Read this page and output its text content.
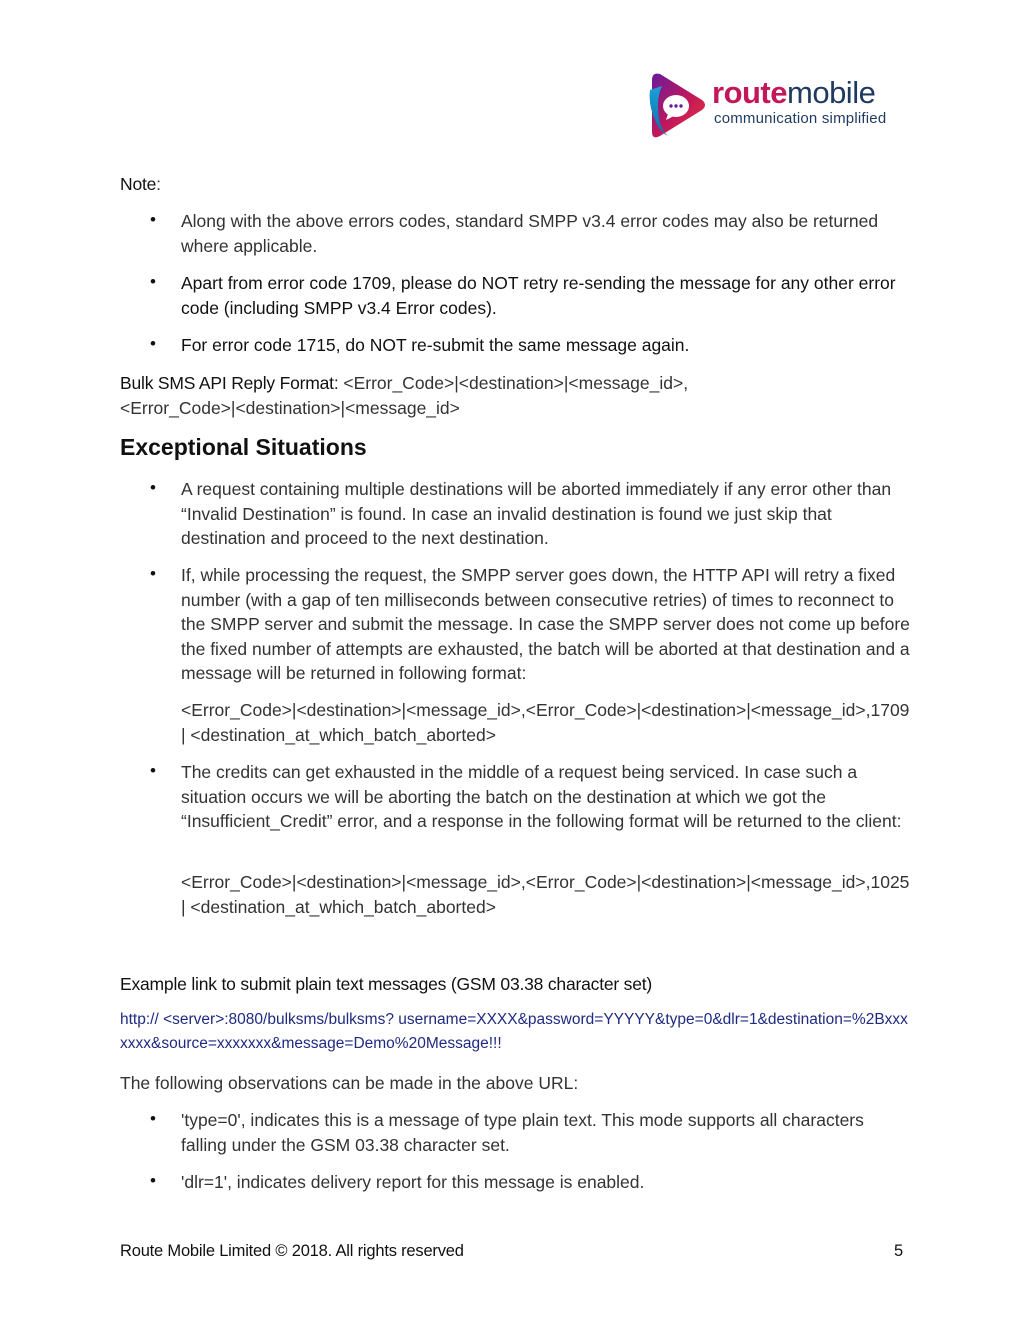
routemobile
communication simplified
Note:
• Along with the above errors codes, standard SMPP v3.4 error codes may also be returned where applicable.
• Apart from error code 1709, please do NOT retry re-sending the message for any other error code (including SMPP v3.4 Error codes).
• For error code 1715, do NOT re-submit the same message again.
Bulk SMS API Reply Format: <Error_Code>|<destination>|<message_id>, <Error_Code>|<destination>|<message_id>
Exceptional Situations
• A request containing multiple destinations will be aborted immediately if any error other than “Invalid Destination” is found. In case an invalid destination is found we just skip that destination and proceed to the next destination.
• If, while processing the request, the SMPP server goes down, the HTTP API will retry a fixed number (with a gap of ten milliseconds between consecutive retries) of times to reconnect to the SMPP server and submit the message. In case the SMPP server does not come up before the fixed number of attempts are exhausted, the batch will be aborted at that destination and a message will be returned in following format:
<Error_Code>|<destination>|<message_id>,<Error_Code>|<destination>|<message_id>,1709| <destination_at_which_batch_aborted>
• The credits can get exhausted in the middle of a request being serviced. In case such a situation occurs we will be aborting the batch on the destination at which we got the “Insufficient_Credit” error, and a response in the following format will be returned to the client:
<Error_Code>|<destination>|<message_id>,<Error_Code>|<destination>|<message_id>,1025| <destination_at_which_batch_aborted>
Example link to submit plain text messages (GSM 03.38 character set)
http:// <server>:8080/bulksms/bulksms? username=XXXX&password=YYYYY&type=0&dlr=1&destination=%2Bxxxxxxx&source=xxxxxxx&message=Demo%20Message!!!
The following observations can be made in the above URL:
• 'type=0', indicates this is a message of type plain text. This mode supports all characters falling under the GSM 03.38 character set.
• 'dlr=1', indicates delivery report for this message is enabled.
Route Mobile Limited © 2018. All rights reserved	5
